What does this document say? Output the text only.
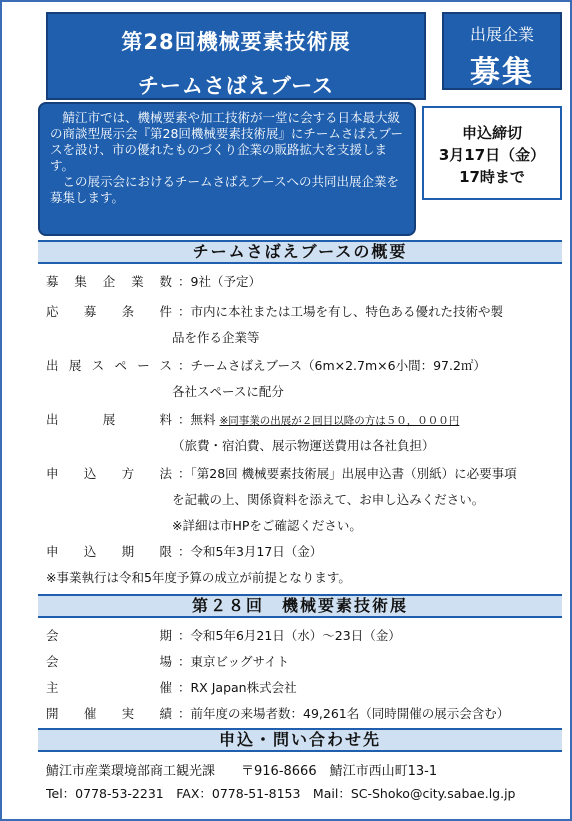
第28回機械要素技術展
チームさばえブース
出展企業
募集

　鯖江市では、機械要素や加工技術が一堂に会する日本最大級の商談型展示会『第28回機械要素技術展』にチームさばえブースを設け、市の優れたものづくり企業の販路拡大を支援します。

　この展示会におけるチームさばえブースへの共同出展企業を募集します。

申込締切
3月17日（金）
17時まで
チームさばえブースの概要
募集企業数 ：9社（予定）
応募条件 ：市内に本社または工場を有し、特色ある優れた技術や製
品を作る企業等
出展スペース ：チームさばえブース（6m×2.7m×6小間：97.2㎡）
各社スペースに配分
出展料 ：無料 ※同事業の出展が２回目以降の方は５０，０００円
（旅費・宿泊費、展示物運送費用は各社負担）
申込方法 ：「第28回 機械要素技術展」出展申込書（別紙）に必要事項
を記載の上、関係資料を添えて、お申し込みください。
※詳細は市HPをご確認ください。
申込期限 ：令和5年3月17日（金）
※事業執行は令和5年度予算の成立が前提となります。
第２８回　機械要素技術展
会期 ：令和5年6月21日（水）～23日（金）
会場 ：東京ビッグサイト
主催 ：RX Japan株式会社
開催実績 ：前年度の来場者数：49,261名（同時開催の展示会含む）
申込・問い合わせ先
鯖江市産業環境部商工観光課　　〒916-8666　鯖江市西山町13-1
Tel：0778-53-2231　FAX：0778-51-8153　Mail：SC-Shoko@city.sabae.lg.jp
